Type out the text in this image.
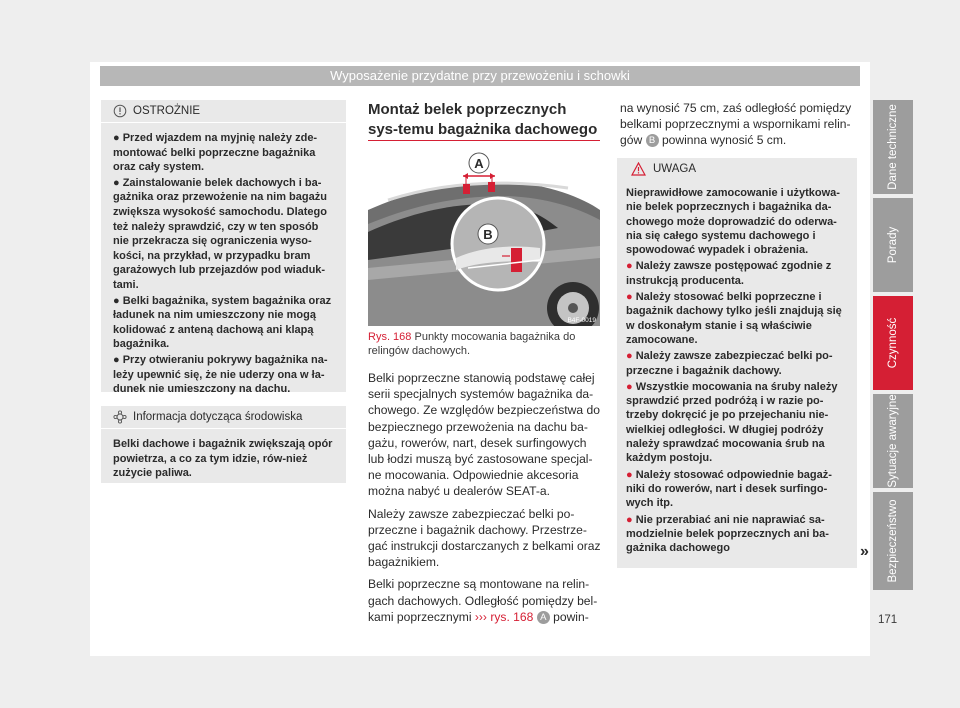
Wyposażenie przydatne przy przewożeniu i schowki
Dane techniczne
Porady
Czynność
Sytuacje awaryjne
Bezpieczeństwo
171
OSTROŻNIE

● Przed wjazdem na myjnię należy zde-montować belki poprzeczne bagażnika oraz cały system.

● Zainstalowanie belek dachowych i ba-gażnika oraz przewożenie na nim bagażu zwiększa wysokość samochodu. Dlatego też należy sprawdzić, czy w ten sposób nie przekracza się ograniczenia wyso-kości, na przykład, w przypadku bram garażowych lub przejazdów pod wiaduk-tami.

● Belki bagażnika, system bagażnika oraz ładunek na nim umieszczony nie mogą kolidować z anteną dachową ani klapą bagażnika.

● Przy otwieraniu pokrywy bagażnika na-leży upewnić się, że nie uderzy ona w ła-dunek nie umieszczony na dachu.

Informacja dotycząca środowiska
Belki dachowe i bagażnik zwiększają opór powietrza, a co za tym idzie, rów-nież zużycie paliwa.
Montaż belek poprzecznych sys-temu bagażnika dachowego
A
B
B4F-0019
Rys. 168 Punkty mocowania bagażnika do relingów dachowych.

Belki poprzeczne stanowią podstawę całej serii specjalnych systemów bagażnika da-chowego. Ze względów bezpieczeństwa do bezpiecznego przewożenia na dachu ba-gażu, rowerów, nart, desek surfingowych lub łodzi muszą być zastosowane specjal-ne mocowania. Odpowiednie akcesoria można nabyć u dealerów SEAT-a.

Należy zawsze zabezpieczać belki po-przeczne i bagażnik dachowy. Przestrze-gać instrukcji dostarczanych z belkami oraz bagażnikiem.

Belki poprzeczne są montowane na relin-gach dachowych. Odległość pomiędzy bel-kami poprzecznymi ››› rys. 168 A powin-

na wynosić 75 cm, zaś odległość pomiędzy belkami poprzecznymi a wspornikami relin-gów B powinna wynosić 5 cm.

UWAGA

Nieprawidłowe zamocowanie i użytkowa-nie belek poprzecznych i bagażnika da-chowego może doprowadzić do oderwa-nia się całego systemu dachowego i spowodować wypadek i obrażenia.

● Należy zawsze postępować zgodnie z instrukcją producenta.

● Należy stosować belki poprzeczne i bagażnik dachowy tylko jeśli znajdują się w doskonałym stanie i są właściwie zamocowane.

● Należy zawsze zabezpieczać belki po-przeczne i bagażnik dachowy.

● Wszystkie mocowania na śruby należy sprawdzić przed podróżą i w razie po-trzeby dokręcić je po przejechaniu nie-wielkiej odległości. W długiej podróży należy sprawdzać mocowania śrub na każdym postoju.

● Należy stosować odpowiednie bagaż-niki do rowerów, nart i desek surfingo-wych itp.

● Nie przerabiać ani nie naprawiać sa-modzielnie belek poprzecznych ani ba-gażnika dachowego	»
